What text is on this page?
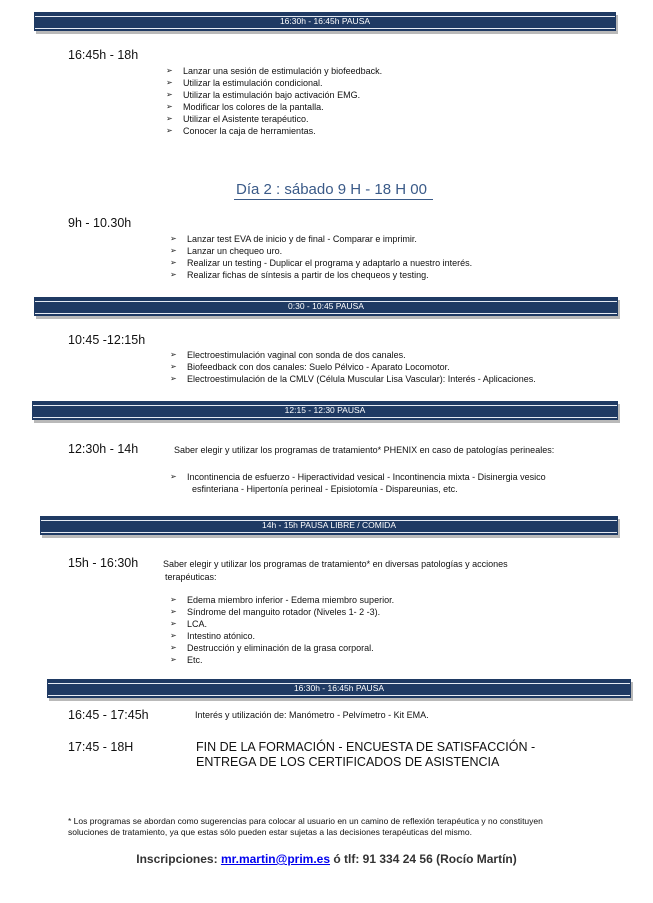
16:30h - 16:45h PAUSA
0:30 - 10:45 PAUSA
12:15 - 12:30 PAUSA
14h - 15h PAUSA LIBRE / COMIDA
16:30h - 16:45h PAUSA
16:45h - 18h
➢ Lanzar una sesión de estimulación y biofeedback.
➢ Utilizar la estimulación condicional.
➢ Utilizar la estimulación bajo activación EMG.
➢ Modificar los colores de la pantalla.
➢ Utilizar el Asistente terapéutico.
➢ Conocer la caja de herramientas.
Día 2 : sábado 9 H - 18 H 00
9h - 10.30h
➢ Lanzar test EVA de inicio y de final - Comparar e imprimir.
➢ Lanzar un chequeo uro.
➢ Realizar un testing - Duplicar el programa y adaptarlo a nuestro interés.
➢ Realizar fichas de síntesis a partir de los chequeos y testing.
10:45 -12:15h
➢ Electroestimulación vaginal con sonda de dos canales.
➢ Biofeedback con dos canales: Suelo Pélvico - Aparato Locomotor.
➢ Electroestimulación de la CMLV (Célula Muscular Lisa Vascular): Interés - Aplicaciones.
12:30h - 14h	Saber elegir y utilizar los programas de tratamiento* PHENIX en caso de patologías perineales:
➢ Incontinencia de esfuerzo - Hiperactividad vesical - Incontinencia mixta - Disinergia vesico
esfinteriana - Hipertonía perineal - Episiotomía - Dispareunias, etc.
15h - 16:30h	Saber elegir y utilizar los programas de tratamiento* en diversas patologías y acciones
terapéuticas:
➢ Edema miembro inferior - Edema miembro superior.
➢ Síndrome del manguito rotador (Niveles 1- 2 -3).
➢ LCA.
➢ Intestino atónico.
➢ Destrucción y eliminación de la grasa corporal.
➢ Etc.
16:45 - 17:45h	Interés y utilización de: Manómetro - Pelvímetro - Kit EMA.
17:45 - 18H	FIN DE LA FORMACIÓN - ENCUESTA DE SATISFACCIÓN -
ENTREGA DE LOS CERTIFICADOS DE ASISTENCIA
* Los programas se abordan como sugerencias para colocar al usuario en un camino de reflexión terapéutica y no constituyen
soluciones de tratamiento, ya que estas sólo pueden estar sujetas a las decisiones terapéuticas del mismo.
Inscripciones: mr.martin@prim.es ó tlf: 91 334 24 56 (Rocío Martín)
